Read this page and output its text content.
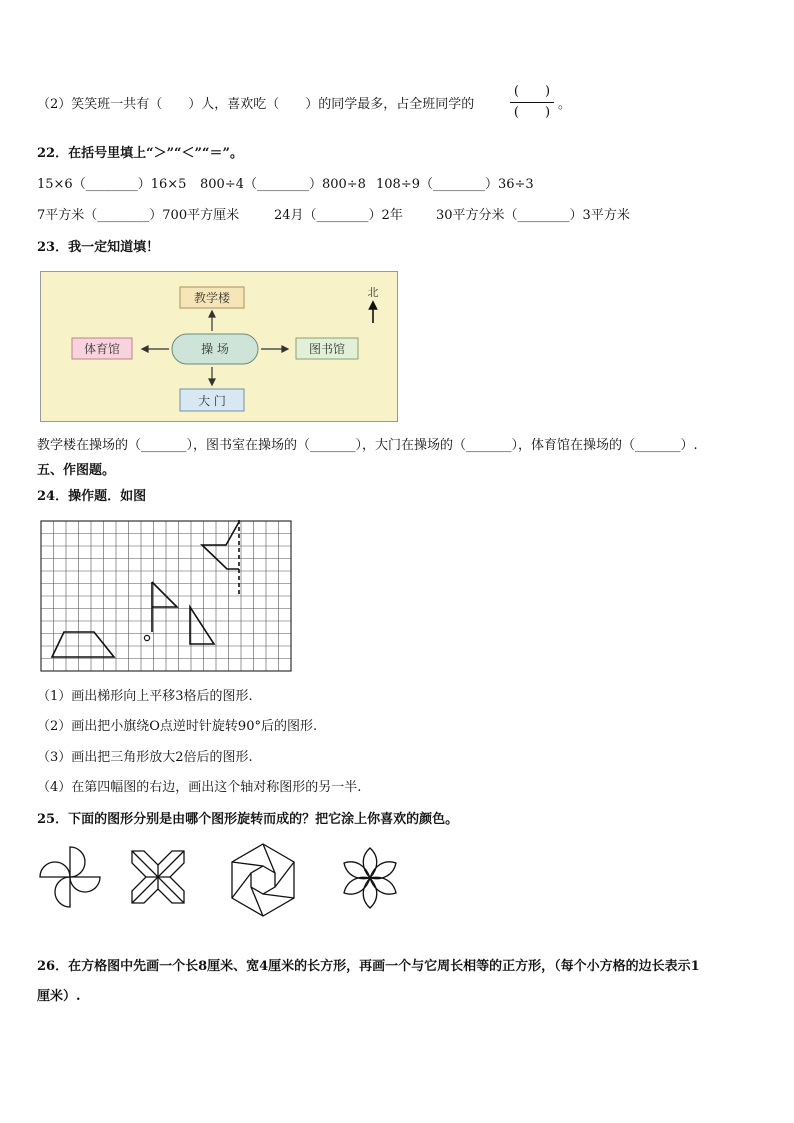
（2）笑笑班一共有（　　）人，喜欢吃（　　）的同学最多，占全班同学的
(　　)
(　　)
。
22．在括号里填上“＞”“＜”“＝”。
15×6（________）16×5 800÷4（________）800÷8 108÷9（________）36÷3
7平方米（________）700平方厘米	24月（________）2年	30平方分米（________）3平方米
23．我一定知道填！
教学楼
操 场
体育馆	图书馆
大 门
北
教学楼在操场的（_______），图书室在操场的（_______），大门在操场的（_______），体育馆在操场的（_______）.
五、作图题。
24．操作题．如图
（1）画出梯形向上平移3格后的图形.
（2）画出把小旗绕O点逆时针旋转90°后的图形.
（3）画出把三角形放大2倍后的图形.
（4）在第四幅图的右边，画出这个轴对称图形的另一半.
25．下面的图形分别是由哪个图形旋转而成的？把它涂上你喜欢的颜色。
26．在方格图中先画一个长8厘米、宽4厘米的长方形，再画一个与它周长相等的正方形，（每个小方格的边长表示1
厘米）.
